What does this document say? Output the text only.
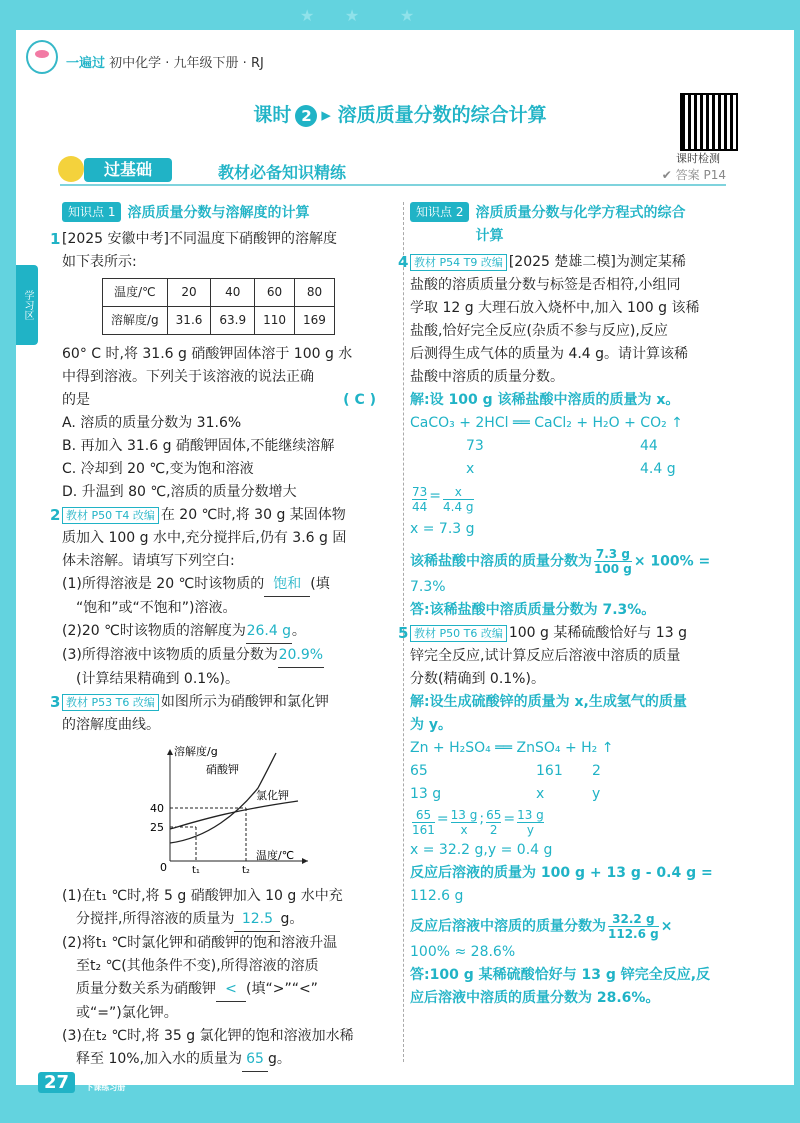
★      ★        ★
一遍过 初中化学 · 九年级下册 · RJ
课时 2 ▸ 溶质质量分数的综合计算
课时检测
过基础	教材必备知识精练	✔ 答案 P14
学习区
知识点 1 溶质质量分数与溶解度的计算
1 [2025 安徽中考]不同温度下硝酸钾的溶解度
如下表所示:
温度/℃	20	40	60	80
溶解度/g	31.6	63.9	110	169
60° C 时,将 31.6 g 硝酸钾固体溶于 100 g 水
中得到溶液。下列关于该溶液的说法正确
的是	( C )
A. 溶质的质量分数为 31.6%
B. 再加入 31.6 g 硝酸钾固体,不能继续溶解
C. 冷却到 20 ℃,变为饱和溶液
D. 升温到 80 ℃,溶质的质量分数增大
2 教材 P50 T4 改编 在 20 ℃时,将 30 g 某固体物
质加入 100 g 水中,充分搅拌后,仍有 3.6 g 固
体未溶解。请填写下列空白:
(1)所得溶液是 20 ℃时该物质的 饱和 (填
“饱和”或“不饱和”)溶液。
(2)20 ℃时该物质的溶解度为26.4 g。
(3)所得溶液中该物质的质量分数为20.9%
(计算结果精确到 0.1%)。
3 教材 P53 T6 改编 如图所示为硝酸钾和氯化钾
的溶解度曲线。
溶解度/g
温度/℃
硝酸钾
氯化钾
40
25
0	t₁	t₂
(1)在t₁ ℃时,将 5 g 硝酸钾加入 10 g 水中充
分搅拌,所得溶液的质量为 12.5 g。
(2)将t₁ ℃时氯化钾和硝酸钾的饱和溶液升温
至t₂ ℃(其他条件不变),所得溶液的溶质
质量分数关系为硝酸钾 < (填“>”“<”
或“=”)氯化钾。
(3)在t₂ ℃时,将 35 g 氯化钾的饱和溶液加水稀
释至 10%,加入水的质量为 65 g。
知识点 2 溶质质量分数与化学方程式的综合
计算
4 教材 P54 T9 改编 [2025 楚雄二模]为测定某稀
盐酸的溶质质量分数与标签是否相符,小组同
学取 12 g 大理石放入烧杯中,加入 100 g 该稀
盐酸,恰好完全反应(杂质不参与反应),反应
后测得生成气体的质量为 4.4 g。请计算该稀
盐酸中溶质的质量分数。
解:设 100 g 该稀盐酸中溶质的质量为 x。
CaCO₃ + 2HCl ══ CaCl₂ + H₂O + CO₂ ↑
73	44
x	4.4 g
$\frac{73}{44} = \frac{x}{4.4 g}$
x = 7.3 g
该稀盐酸中溶质的质量分数为 $\frac{7.3 g}{100 g} \times 100\%$ =
7.3%
答:该稀盐酸中溶质质量分数为 7.3%。
5 教材 P50 T6 改编 100 g 某稀硫酸恰好与 13 g
锌完全反应,试计算反应后溶液中溶质的质量
分数(精确到 0.1%)。
解:设生成硫酸锌的质量为 x,生成氢气的质量
为 y。
Zn + H₂SO₄ ══ ZnSO₄ + H₂ ↑
65	161	2
13 g	x	y
$\frac{65}{161} = \frac{13 g}{x}$ ; $\frac{65}{2} = \frac{13 g}{y}$
x = 32.2 g,y = 0.4 g
反应后溶液的质量为 100 g + 13 g - 0.4 g =
112.6 g
反应后溶液中溶质的质量分数为 $\frac{32.2 g}{112.6 g}$ ×
100% ≈ 28.6%
答:100 g 某稀硫酸恰好与 13 g 锌完全反应,反
应后溶液中溶质的质量分数为 28.6%。
27 上课认真听
下课练习册
